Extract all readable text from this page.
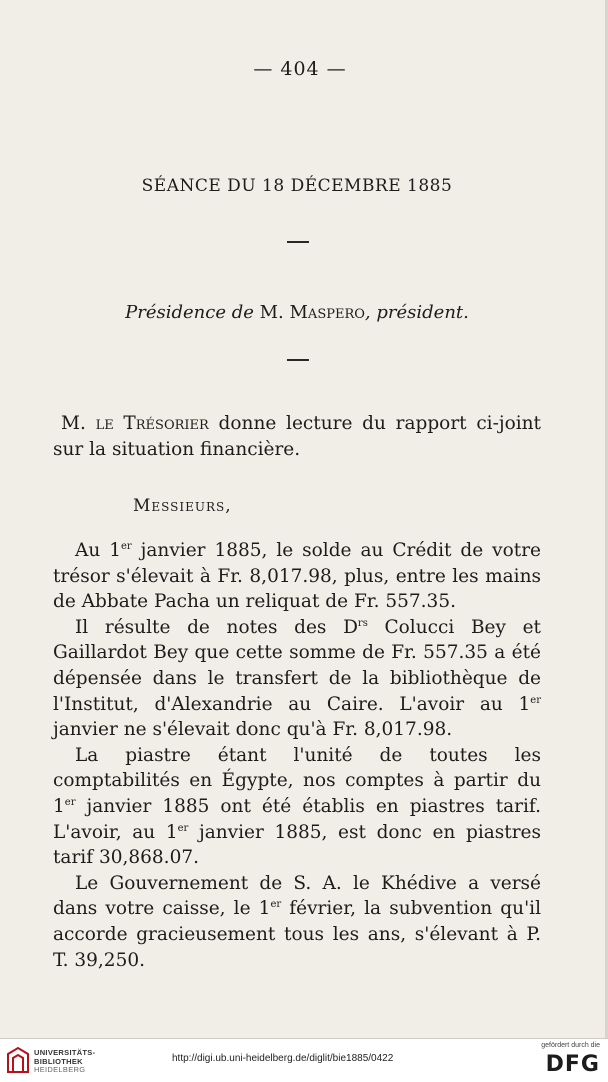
— 404 —
SÉANCE DU 18 DÉCEMBRE 1885
Présidence de M. Maspero, président.

M. le Trésorier donne lecture du rapport ci-joint sur la situation financière.

Messieurs,

Au 1er janvier 1885, le solde au Crédit de votre trésor s'élevait à Fr. 8,017.98, plus, entre les mains de Abbate Pacha un reliquat de Fr. 557.35.

Il résulte de notes des $D^{rs}$ Colucci Bey et Gaillardot Bey que cette somme de Fr. 557.35 a été dépensée dans le transfert de la bibliothèque de l'Institut, d'Alexandrie au Caire. L'avoir au 1er janvier ne s'élevait donc qu'à Fr. 8,017.98.

La piastre étant l'unité de toutes les comptabilités en Égypte, nos comptes à partir du 1er janvier 1885 ont été établis en piastres tarif. L'avoir, au 1er janvier 1885, est donc en piastres tarif 30,868.07.

Le Gouvernement de S. A. le Khédive a versé dans votre caisse, le 1er février, la subvention qu'il accorde gracieusement tous les ans, s'élevant à P. T. 39,250.

UNIVERSITÄTS-
BIBLIOTHEK
HEIDELBERG
http://digi.ub.uni-heidelberg.de/diglit/bie1885/0422
gefördert durch die
DFG
